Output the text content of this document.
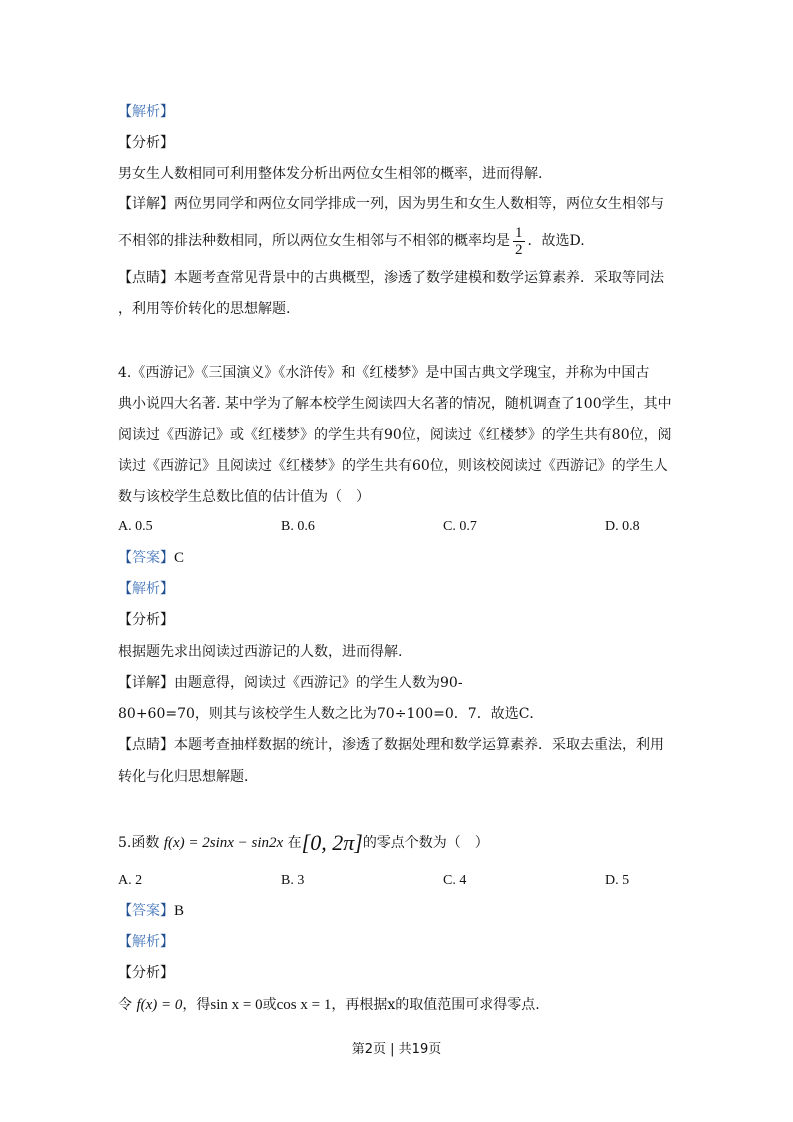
【解析】
【分析】
男女生人数相同可利用整体发分析出两位女生相邻的概率，进而得解.
【详解】两位男同学和两位女同学排成一列，因为男生和女生人数相等，两位女生相邻与
不相邻的排法种数相同，所以两位女生相邻与不相邻的概率均是 $\frac{1}{2}$ ．故选D.
【点睛】本题考查常见背景中的古典概型，渗透了数学建模和数学运算素养．采取等同法
，利用等价转化的思想解题.
4.《西游记》《三国演义》《水浒传》和《红楼梦》是中国古典文学瑰宝，并称为中国古
典小说四大名著. 某中学为了解本校学生阅读四大名著的情况，随机调查了100学生，其中
阅读过《西游记》或《红楼梦》的学生共有90位，阅读过《红楼梦》的学生共有80位，阅
读过《西游记》且阅读过《红楼梦》的学生共有60位，则该校阅读过《西游记》的学生人
数与该校学生总数比值的估计值为（　）
A. 0.5	B. 0.6	C. 0.7	D. 0.8
【答案】C
【解析】
【分析】
根据题先求出阅读过西游记的人数，进而得解.
【详解】由题意得，阅读过《西游记》的学生人数为90-
80+60=70，则其与该校学生人数之比为70÷100=0．7．故选C．
【点睛】本题考查抽样数据的统计，渗透了数据处理和数学运算素养．采取去重法，利用
转化与化归思想解题．
5.函数 f(x) = 2sinx − sin2x 在[0, 2π]的零点个数为（　）
A. 2	B. 3	C. 4	D. 5
【答案】B
【解析】
【分析】
令 f(x) = 0，得sin x = 0或cos x = 1，再根据x的取值范围可求得零点.
第2页 | 共19页
